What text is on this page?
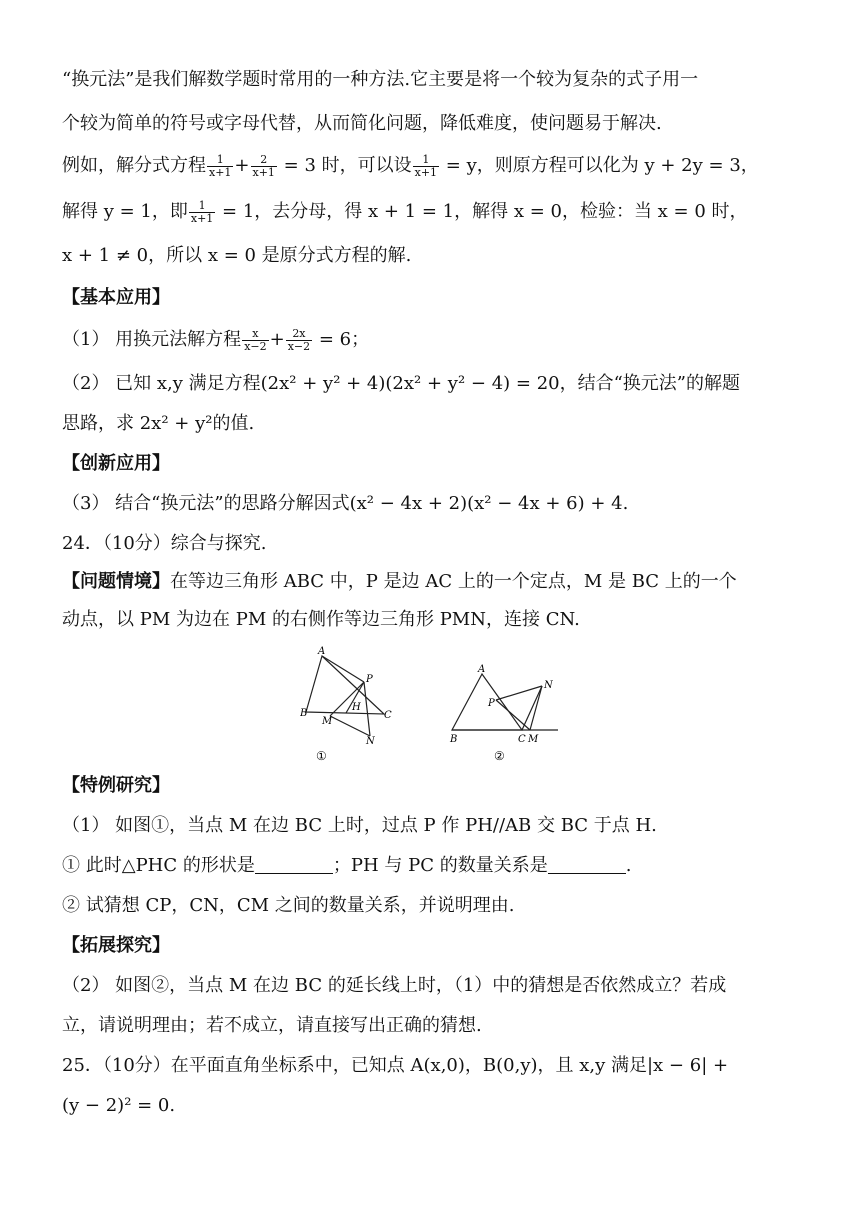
“换元法”是我们解数学题时常用的一种方法.它主要是将一个较为复杂的式子用一
个较为简单的符号或字母代替，从而简化问题，降低难度，使问题易于解决.
例如，解分式方程 $\frac{1}{x+1} + \frac{2}{x+1} = 3$ 时，可以设 $\frac{1}{x+1} = y$，则原方程可以化为 y + 2y = 3，
解得 y = 1，即 $\frac{1}{x+1} = 1$，去分母，得 x + 1 = 1，解得 x = 0，检验：当 x = 0 时，
x + 1 ≠ 0，所以 x = 0 是原分式方程的解.
【基本应用】
（1） 用换元法解方程 $\frac{x}{x-2} + \frac{2x}{x-2} = 6$；
（2） 已知 x,y 满足方程(2x² + y² + 4)(2x² + y² − 4) = 20，结合“换元法”的解题
思路，求 2x² + y²的值.
【创新应用】
（3） 结合“换元法”的思路分解因式(x² − 4x + 2)(x² − 4x + 6) + 4.
24．（10分）综合与探究.
【问题情境】在等边三角形 ABC 中，P 是边 AC 上的一个定点，M 是 BC 上的一个
动点，以 PM 为边在 PM 的右侧作等边三角形 PMN，连接 CN.
A
P
B
H
C
M
N
①
A
N
P
B	C M
②
【特例研究】
（1） 如图①，当点 M 在边 BC 上时，过点 P 作 PH//AB 交 BC 于点 H.
① 此时△PHC 的形状是	；PH 与 PC 的数量关系是	.
② 试猜想 CP，CN，CM 之间的数量关系，并说明理由.
【拓展探究】
（2） 如图②，当点 M 在边 BC 的延长线上时，（1）中的猜想是否依然成立？若成
立，请说明理由；若不成立，请直接写出正确的猜想.
25．（10分）在平面直角坐标系中，已知点 A(x,0)，B(0,y)，且 x,y 满足|x − 6| +
(y − 2)² = 0.
